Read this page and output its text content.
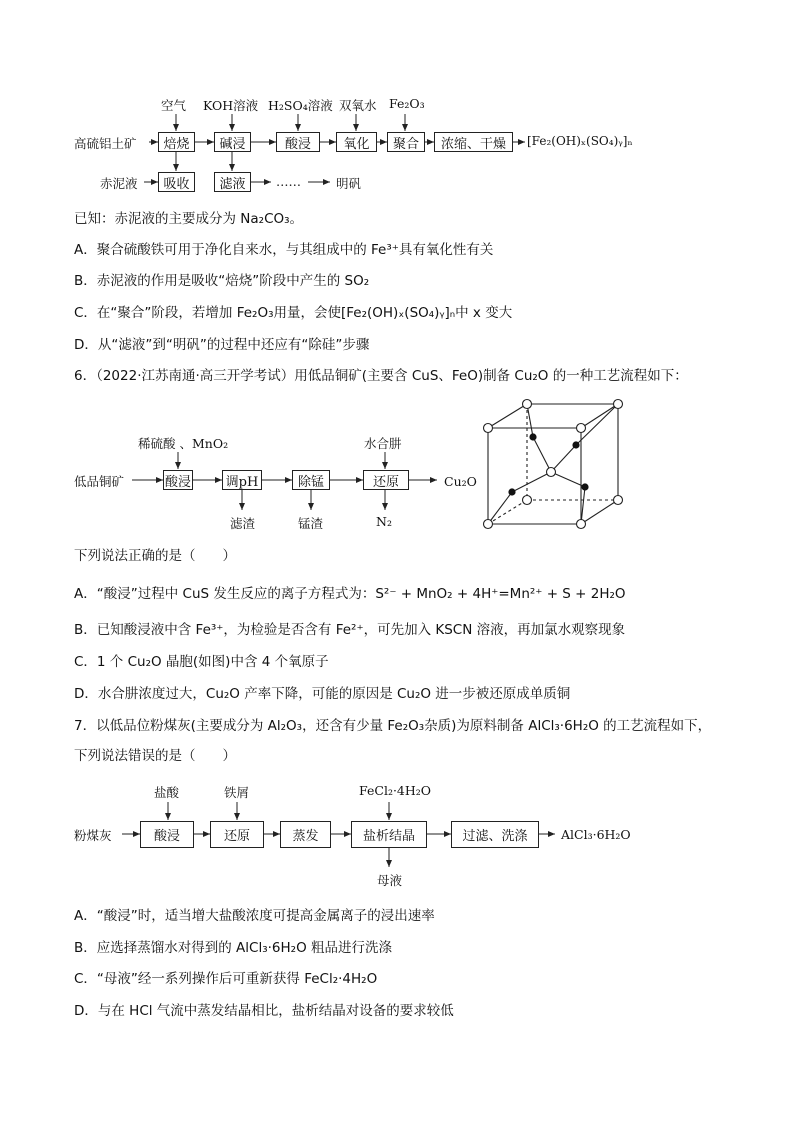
空气 KOH溶液 H₂SO₄溶液 双氧水 Fe₂O₃
高硫铝土矿	焙烧	碱浸	酸浸	氧化	聚合	浓缩、干燥	[Fe₂(OH)ₓ(SO₄)ᵧ]ₙ
赤泥液	吸收	滤液	……	明矾
已知：赤泥液的主要成分为 Na₂CO₃。
A．聚合硫酸铁可用于净化自来水，与其组成中的 Fe³⁺具有氧化性有关
B．赤泥液的作用是吸收“焙烧”阶段中产生的 SO₂
C．在“聚合”阶段，若增加 Fe₂O₃用量，会使[Fe₂(OH)ₓ(SO₄)ᵧ]ₙ中 x 变大
D．从“滤液”到“明矾”的过程中还应有“除硅”步骤
6．（2022·江苏南通·高三开学考试）用低品铜矿(主要含 CuS、FeO)制备 Cu₂O 的一种工艺流程如下：
稀硫酸 、MnO₂	水合肼
低品铜矿	酸浸	调pH	除锰	还原	Cu₂O
滤渣	锰渣	N₂
下列说法正确的是（　　）
A．“酸浸”过程中 CuS 发生反应的离子方程式为：S²⁻ + MnO₂ + 4H⁺=Mn²⁺ + S + 2H₂O
B．已知酸浸液中含 Fe³⁺，为检验是否含有 Fe²⁺，可先加入 KSCN 溶液，再加氯水观察现象
C．1 个 Cu₂O 晶胞(如图)中含 4 个氧原子
D．水合肼浓度过大，Cu₂O 产率下降，可能的原因是 Cu₂O 进一步被还原成单质铜
7．以低品位粉煤灰(主要成分为 Al₂O₃，还含有少量 Fe₂O₃杂质)为原料制备 AlCl₃·6H₂O 的工艺流程如下，
下列说法错误的是（　　）
盐酸	铁屑	FeCl₂·4H₂O
粉煤灰	酸浸	还原	蒸发	盐析结晶	过滤、洗涤	AlCl₃·6H₂O
母液
A．“酸浸”时，适当增大盐酸浓度可提高金属离子的浸出速率
B．应选择蒸馏水对得到的 AlCl₃·6H₂O 粗品进行洗涤
C．“母液”经一系列操作后可重新获得 FeCl₂·4H₂O
D．与在 HCl 气流中蒸发结晶相比，盐析结晶对设备的要求较低
